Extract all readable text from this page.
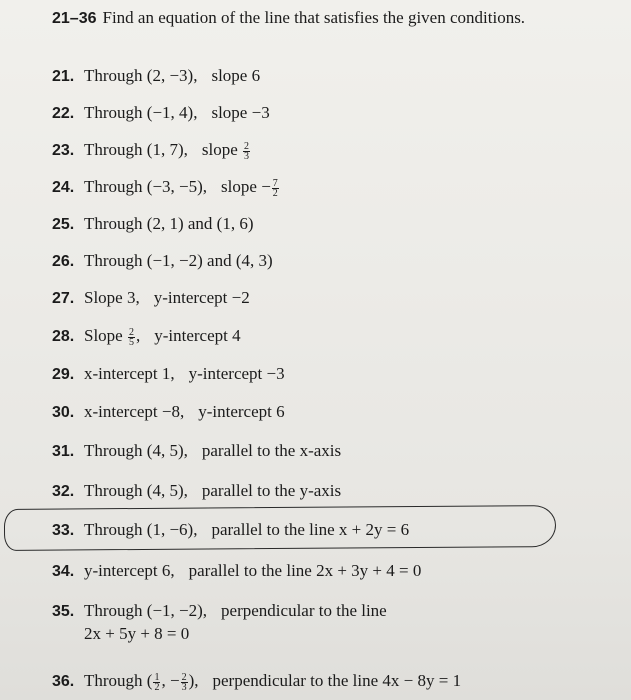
21–36 Find an equation of the line that satisfies the given conditions.
21. Through (2, −3), slope 6
22. Through (−1, 4), slope −3
23. Through (1, 7), slope $\frac{2}{3}$
24. Through (−3, −5), slope − $\frac{7}{2}$
25. Through (2, 1) and (1, 6)
26. Through (−1, −2) and (4, 3)
27. Slope 3, y-intercept −2
28. Slope $\frac{2}{5}$ , y-intercept 4
29. x-intercept 1, y-intercept −3
30. x-intercept −8, y-intercept 6
31. Through (4, 5), parallel to the x-axis
32. Through (4, 5), parallel to the y-axis
33. Through (1, −6), parallel to the line x + 2y = 6
34. y-intercept 6, parallel to the line 2x + 3y + 4 = 0
35. Through (−1, −2), perpendicular to the line
2x + 5y + 8 = 0
36. Through ( $\frac{1}{2}$ , − $\frac{2}{3}$ ), perpendicular to the line 4x − 8y = 1
